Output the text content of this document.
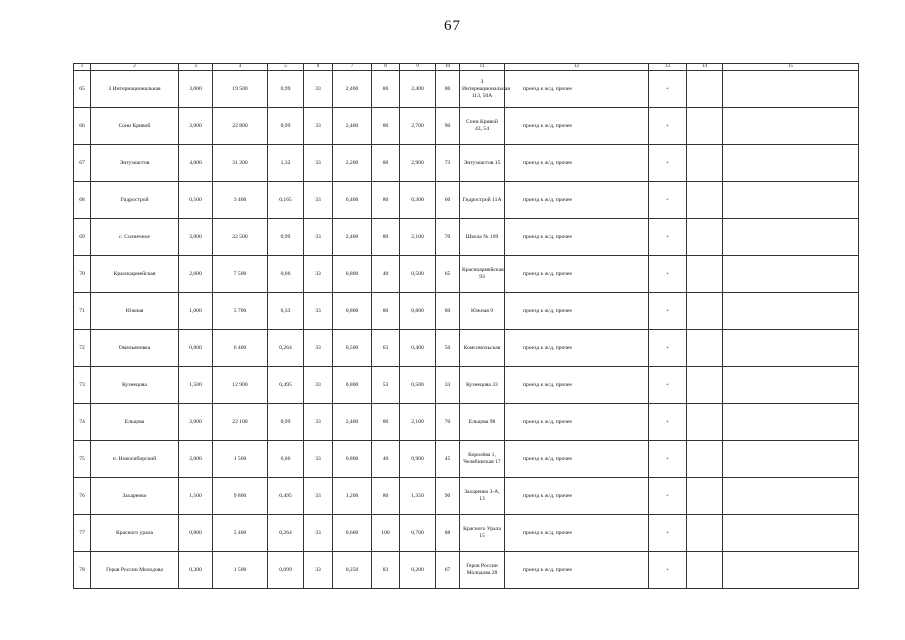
67
1	2	3	4	5	6	7	8	9	10	11	12	13	14	15
65	З Интернациональная	3,000	19 500	0,99	33	2,400	80	2,400	80	З Интернациональная 113, 50А	проезд к ж/д, прочее	+		
66	Сони Кривой	3,000	22 800	0,99	33	2,400	80	2,700	90	Сони Кривой 43, 54	проезд к ж/д, прочее	+		
67	Энтузиастов	4,000	31 200	1,32	33	2,200	80	2,900	73	Энтузиастов 15	проезд к ж/д, прочее	+		
68	Гидрострой	0,500	3 400	0,165	33	0,400	80	0,300	60	Гидрострой 11А	проезд к ж/д, прочее	+		
69	с. Солнечное	3,000	22 500	0,99	33	2,400	80	2,100	70	Школа № 109	проезд к ж/д, прочее	+		
70	Красноармейская	2,600	7 500	0,66	33	0,800	40	0,500	65	Красноармейская 93	проезд к ж/д, прочее	+		
71	Южная	1,000	5 700	0,33	33	0,800	80	0,800	80	Южная 9	проезд к ж/д, прочее	+		
72	Омельяновка	0,800	6 400	0,264	33	0,500	63	0,400	50	Комсомольская	проезд к ж/д, прочее	+		
73	Кузнецова	1,500	12 900	0,495	33	0,800	53	0,500	33	Кузнецова 33	проезд к ж/д, прочее	+		
74	Ельцова	3,000	22 100	0,99	33	2,400	80	2,100	70	Ельцова 98	проезд к ж/д, прочее	+		
75	п. Новосибирский	2,000	1 560	0,66	33	0,800	40	0,900	45	Королёва 1, Челябинская 17	проезд к ж/д, прочее	+		
76	Захаренко	1,500	9 800	0,495	33	1,200	80	1,350	90	Захаренко 3-А, 13	проезд к ж/д, прочее	+		
77	Красного урала	0,800	5 400	0,264	33	0,600	100	0,700	88	Красного Урала 15	проезд к ж/д, прочее	+		
78	Героя России Молодова	0,300	1 500	0,099	33	0,250	83	0,200	67	Героя России Молодова 28	проезд к ж/д, прочее	+		
